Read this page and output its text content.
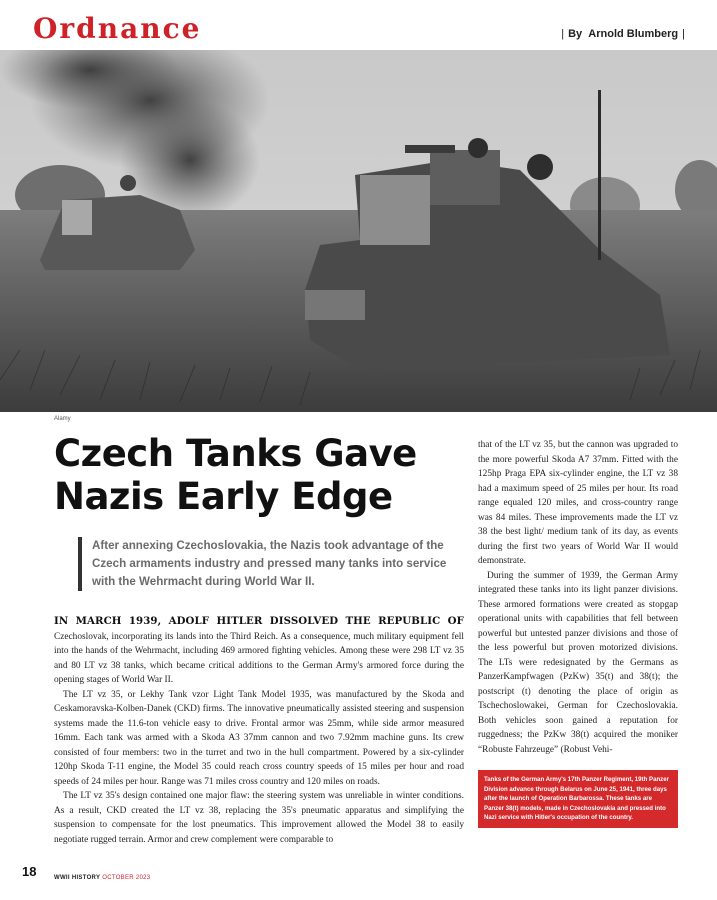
Ordnance	| By Arnold Blumberg |
Alamy
Czech Tanks Gave Nazis Early Edge
After annexing Czechoslovakia, the Nazis took advantage of the Czech armaments industry and pressed many tanks into service with the Wehrmacht during World War II.

IN MARCH 1939, ADOLF HITLER DISSOLVED THE REPUBLIC OF Czechoslovak, incorporating its lands into the Third Reich. As a consequence, much military equipment fell into the hands of the Wehrmacht, including 469 armored fighting vehicles. Among these were 298 LT vz 35 and 80 LT vz 38 tanks, which became critical additions to the German Army's armored force during the opening stages of World War II.

The LT vz 35, or Lekhy Tank vzor Light Tank Model 1935, was manufactured by the Skoda and Ceskamoravska-Kolben-Danek (CKD) firms. The innovative pneumatically assisted steering and suspension systems made the 11.6-ton vehicle easy to drive. Frontal armor was 25mm, while side armor measured 16mm. Each tank was armed with a Skoda A3 37mm cannon and two 7.92mm machine guns. Its crew consisted of four members: two in the turret and two in the hull compartment. Powered by a six-cylinder 120hp Skoda T-11 engine, the Model 35 could reach cross country speeds of 15 miles per hour and road speeds of 24 miles per hour. Range was 71 miles cross country and 120 miles on roads.

The LT vz 35's design contained one major flaw: the steering system was unreliable in winter conditions. As a result, CKD created the LT vz 38, replacing the 35's pneumatic apparatus and simplifying the suspension to compensate for the lost pneumatics. This improvement allowed the Model 38 to easily negotiate rugged terrain. Armor and crew complement were comparable to

that of the LT vz 35, but the cannon was upgraded to the more powerful Skoda A7 37mm. Fitted with the 125hp Praga EPA six-cylinder engine, the LT vz 38 had a maximum speed of 25 miles per hour. Its road range equaled 120 miles, and cross-country range was 84 miles. These improvements made the LT vz 38 the best light/ medium tank of its day, as events during the first two years of World War II would demonstrate.

During the summer of 1939, the German Army integrated these tanks into its light panzer divisions. These armored formations were created as stopgap operational units with capabilities that fell between powerful but untested panzer divisions and those of the less powerful but proven motorized divisions. The LTs were redesignated by the Germans as PanzerKampfwagen (PzKw) 35(t) and 38(t); the postscript (t) denoting the place of origin as Tschechoslowakei, German for Czechoslovakia. Both vehicles soon gained a reputation for ruggedness; the PzKw 38(t) acquired the moniker “Robuste Fahrzeuge” (Robust Vehi-

Tanks of the German Army's 17th Panzer Regiment, 19th Panzer Division advance through Belarus on June 25, 1941, three days after the launch of Operation Barbarossa. These tanks are Panzer 38(t) models, made in Czechoslovakia and pressed into Nazi service with Hitler's occupation of the country.
18	WWII HISTORY OCTOBER 2023
